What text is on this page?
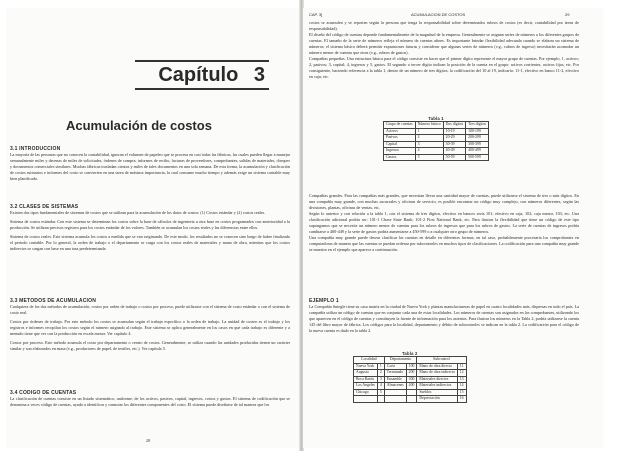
Capítulo 3
Acumulación de costos
3.1 INTRODUCCION
La mayoría de las personas que no conocen la contabilidad, ignoran el volumen de papeleo que se procesa en casi todas las fábricas, las cuales pueden llegar a manejar semanalmente miles y decenas de miles de solicitudes, órdenes de compra, informes de recibo, facturas de proveedores, comprobantes, salidas de materiales, cheques y documentos comerciales similares. Muchas fábricas trasladan cientos y miles de tales documentos en una sola semana. De esta forma, la acumulación y clasificación de costos rutinarios e informes del costo se convierten en una tarea de máxima importancia, la cual consume mucho tiempo y además exige un sistema contable muy bien planificado.
3.2 CLASES DE SISTEMAS
Existen dos tipos fundamentales de sistemas de costos que se utilizan para la acumulación de los datos de costos: (1) Costos estándar y (2) costos reales.
Sistema de costos estándar. Con este sistema se determinan los costos sobre la base de cálculos de ingeniería u otra base en costos programados con anterioridad a la producción. Se utilizan precisos registros para los costos estándar de los valores. También se acumulan los costos reales y las diferencias entre ellos.
Sistema de costos reales. Este sistema acumula los costos a medida que se van originando. De este modo, los resultados no se conocen sino luego de haber finalizado el período contable. Por lo general, la orden de trabajo o el departamento se carga con los costos reales de materiales y mano de obra, mientras que los costos indirectos se cargan con base en una tasa predeterminada.
3.3 METODOS DE ACUMULACION
Cualquiera de los dos métodos de acumulación, costos por orden de trabajo o costos por proceso, puede utilizarse con el sistema de costo estándar o con el sistema de costo real.
Costos por órdenes de trabajo. Por este método los costos se acumulan según el trabajo específico o la orden de trabajo. La unidad de costeo es el trabajo y los registros e informes recopilan los costos según el número asignado al trabajo. Este sistema se aplica generalmente en los casos en que cada trabajo es diferente y a menudo tiene que ver con la producción en escala menor. Ver capítulo 4.
Costos por proceso. Este método acumula el costo por departamento o centro de costos. Generalmente, se utiliza cuando las unidades producidas tienen un carácter similar y son elaborados en masa (v.g., productores de papel, de textiles, etc.). Ver capítulo 5.
3.4 CODIGO DE CUENTAS
La clasificación de cuentas consiste en un listado sistemático, uniforme, de los activos, pasivos, capital, ingresos, costos y gastos. El sistema de codificación que se denomina a veces código de cuentas, ayuda a identificar y connotar los diferentes componentes del costo. El sistema puede diseñarse de tal manera que los
28
CAP. 3]	ACUMULACION DE COSTOS	29
costos se acumulen y se reporten según la persona que tenga la responsabilidad sobre determinados rubros de costos (es decir, contabilidad por áreas de responsabilidad).
El diseño del código de cuentas depende fundamentalmente de la magnitud de la empresa. Generalmente se asignan series de números a los diferentes grupos de cuentas. El tamaño de la serie de números refleja el número de cuentas afines. Es importante brindar flexibilidad adecuada cuando se elabora un sistema de números; el sistema básico deberá permitir expansiones futuras y considerar que algunas series de números (v.g., rubros de ingreso) necesitarán acomodar un número menor de cuentas que otras (v.g., rubros de gastos).
Compañías pequeñas. Una estructura básica para el código consiste en hacer que el primer dígito represente el mayor grupo de cuentas. Por ejemplo, 1, activos; 2, pasivos; 3, capital; 4, ingresos y 5, gastos. El segundo o tercer dígito indican la posición de la cuenta en el grupo: activos corrientes, activos fijos, etc. Por consiguiente, haciendo referencia a la tabla 1, dentro de un número de tres dígitos, la codificación del 10 al 19, indicaría: 11-1, efectivo en banco 11-2, efectivo en caja; etc.
Tabla 1
Grupo de cuentas	Número básico	Dos dígitos	Tres dígitos
Activos	1	10-19	100-199
Pasivos	2	20-29	200-299
Capital	3	30-39	300-399
Ingresos	4	40-49	400-499
Gastos	5	50-59	500-599
Compañías grandes. Para las compañías más grandes, que necesitan llevar una cantidad mayor de cuentas, puede utilizarse el sistema de tres o más dígitos. En una compañía muy grande, con muchas sucursales y oficinas de servicio, es posible encontrar un código muy complejo, con números diferentes, según las divisiones, plantas, oficinas de ventas, etc.
Según lo anterior y con relación a la tabla 1, con el sistema de tres dígitos, efectivo en bancos sería 101; efectivo en caja, 102; caja menor, 103; etc. Una clasificación adicional podría ser: 101-1 Chase State Bank; 101-2 First National Bank, etc. Para ilustrar la flexibilidad que tiene un código de este tipo supongamos que se necesite un número menor de cuentas para los rubros de ingresos que para los rubros de gastos. La serie de cuentas de ingresos podría cambiarse a 400-449 y la serie de gastos podría aumentarse a 450-599 o a cualquier otro grupo de números.
Una compañía muy grande puede desear clasificar las cuentas en detalle en diferentes formas; en tal caso, probablemente procesaría los comprobantes en computadoras de manera que las cuentas se puedan ordenar por subcontroles en muchos tipos de clasificaciones. La codificación para una compañía muy grande se muestra en el ejemplo que aparece a continuación.
EJEMPLO 1
La Compañía Sniegle tiene su casa matriz en la ciudad de Nueva York y plantas manufactureras de papel en cuatro localidades más, dispersas en todo el país. La compañía utiliza un código de cuentas que en conjunto cada una de estas localidades. Los números de cuentas son asignados en los comprobantes, utilizando los que aparecen en el código de cuentas y constituyen la fuente de información para los asientos. Para ilustrar los números en la Tabla 2, podría utilizarse la cuenta 145 del libro mayor de fábrica. Los códigos para la localidad, departamento y débito de subcontroles se indican en la tabla 2. La codificación para el código de la nueva cuenta es dado en la tabla 2.
Tabla 2
Localidad		Departamento		Subcontrol	
Nueva York	1	Corte	100	Mano de obra directa	11
Augusta	2	Terminado	200	Mano de obra indirecta	12
Boca Ratón	3	Ensamble	300	Materiales directos	13
Los Angeles	4	Almacenes	400	Materiales indirectos	14
Chicago	5			Sueldos	15
				Depreciación	16
